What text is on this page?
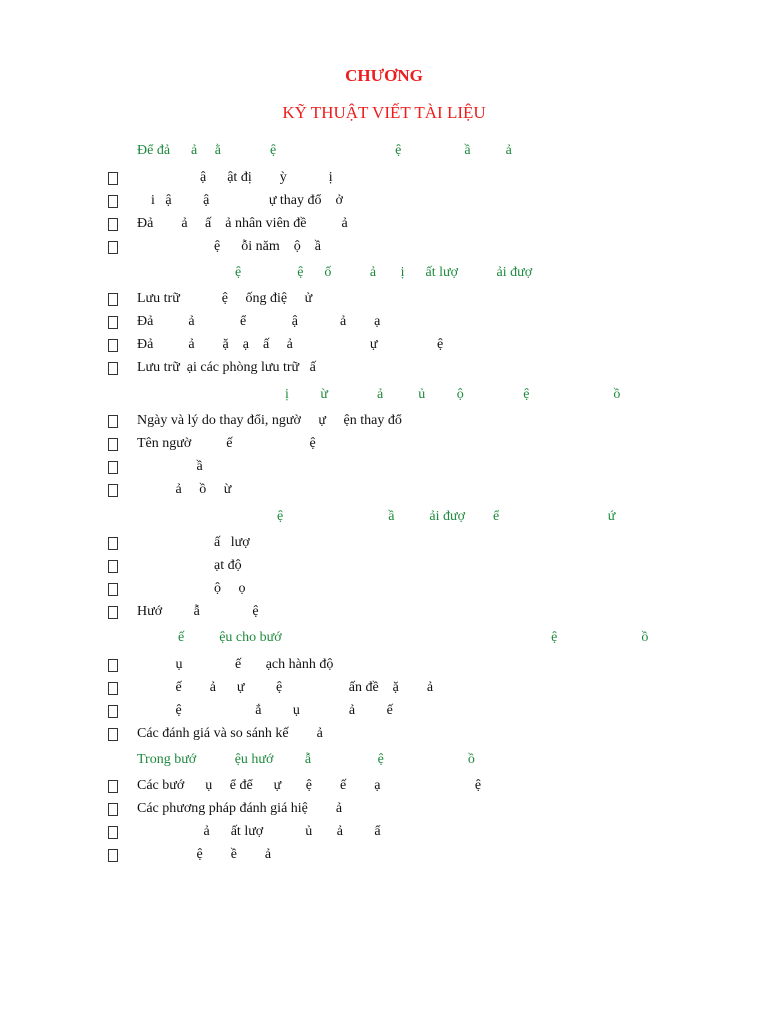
CHƯƠNG
KỸ THUẬT VIẾT TÀI LIỆU
Để đả      ả     ằ              ệ                                  ệ                  ầ          ả
ậ      ật đị        ỳ            ị
i   ậ         ậ                 ự thay đổ    ở
Đả        ả     ấ    ả nhân viên đề          ả
ệ      ỗi năm    ộ    ầ
ệ                ệ      ố           ả       ị      ất lượ           ải đượ
Lưu trữ            ệ     ống điệ     ử
Đả          ả             ể             ậ            ả        ạ
Đả          ả        ặ    ạ    ấ     ả                      ự                 ệ
Lưu trữ  ại các phòng lưu trữ   ấ
ị         ừ              ả          ủ         ộ                 ệ                        ồ
Ngày và lý do thay đổi, ngườ     ự     ện thay đổ
Tên ngườ          ế                      ệ
ầ
ả     ồ     ừ
ệ                              ầ          ải đượ        ể                               ứ
ấ   lượ
ạt độ
ộ     ọ
Hướ         ẫ               ệ
ế          ệu cho bướ                                                                             ệ                        ồ
ụ               ế       ạch hành độ
ế        ả      ự         ệ                   ấn đề    ặ        ả
ệ                     ắ         ụ              ả         ế
Các đánh giá và so sánh kế        ả
Trong bướ           ệu hướ         ẫ                   ệ                        ồ
Các bướ      ụ     ể để      ự       ệ        ế        ạ                           ệ
Các phương pháp đánh giá hiệ        ả
ả      ất lượ            ủ       ả         ẩ
ệ        ề        ả
